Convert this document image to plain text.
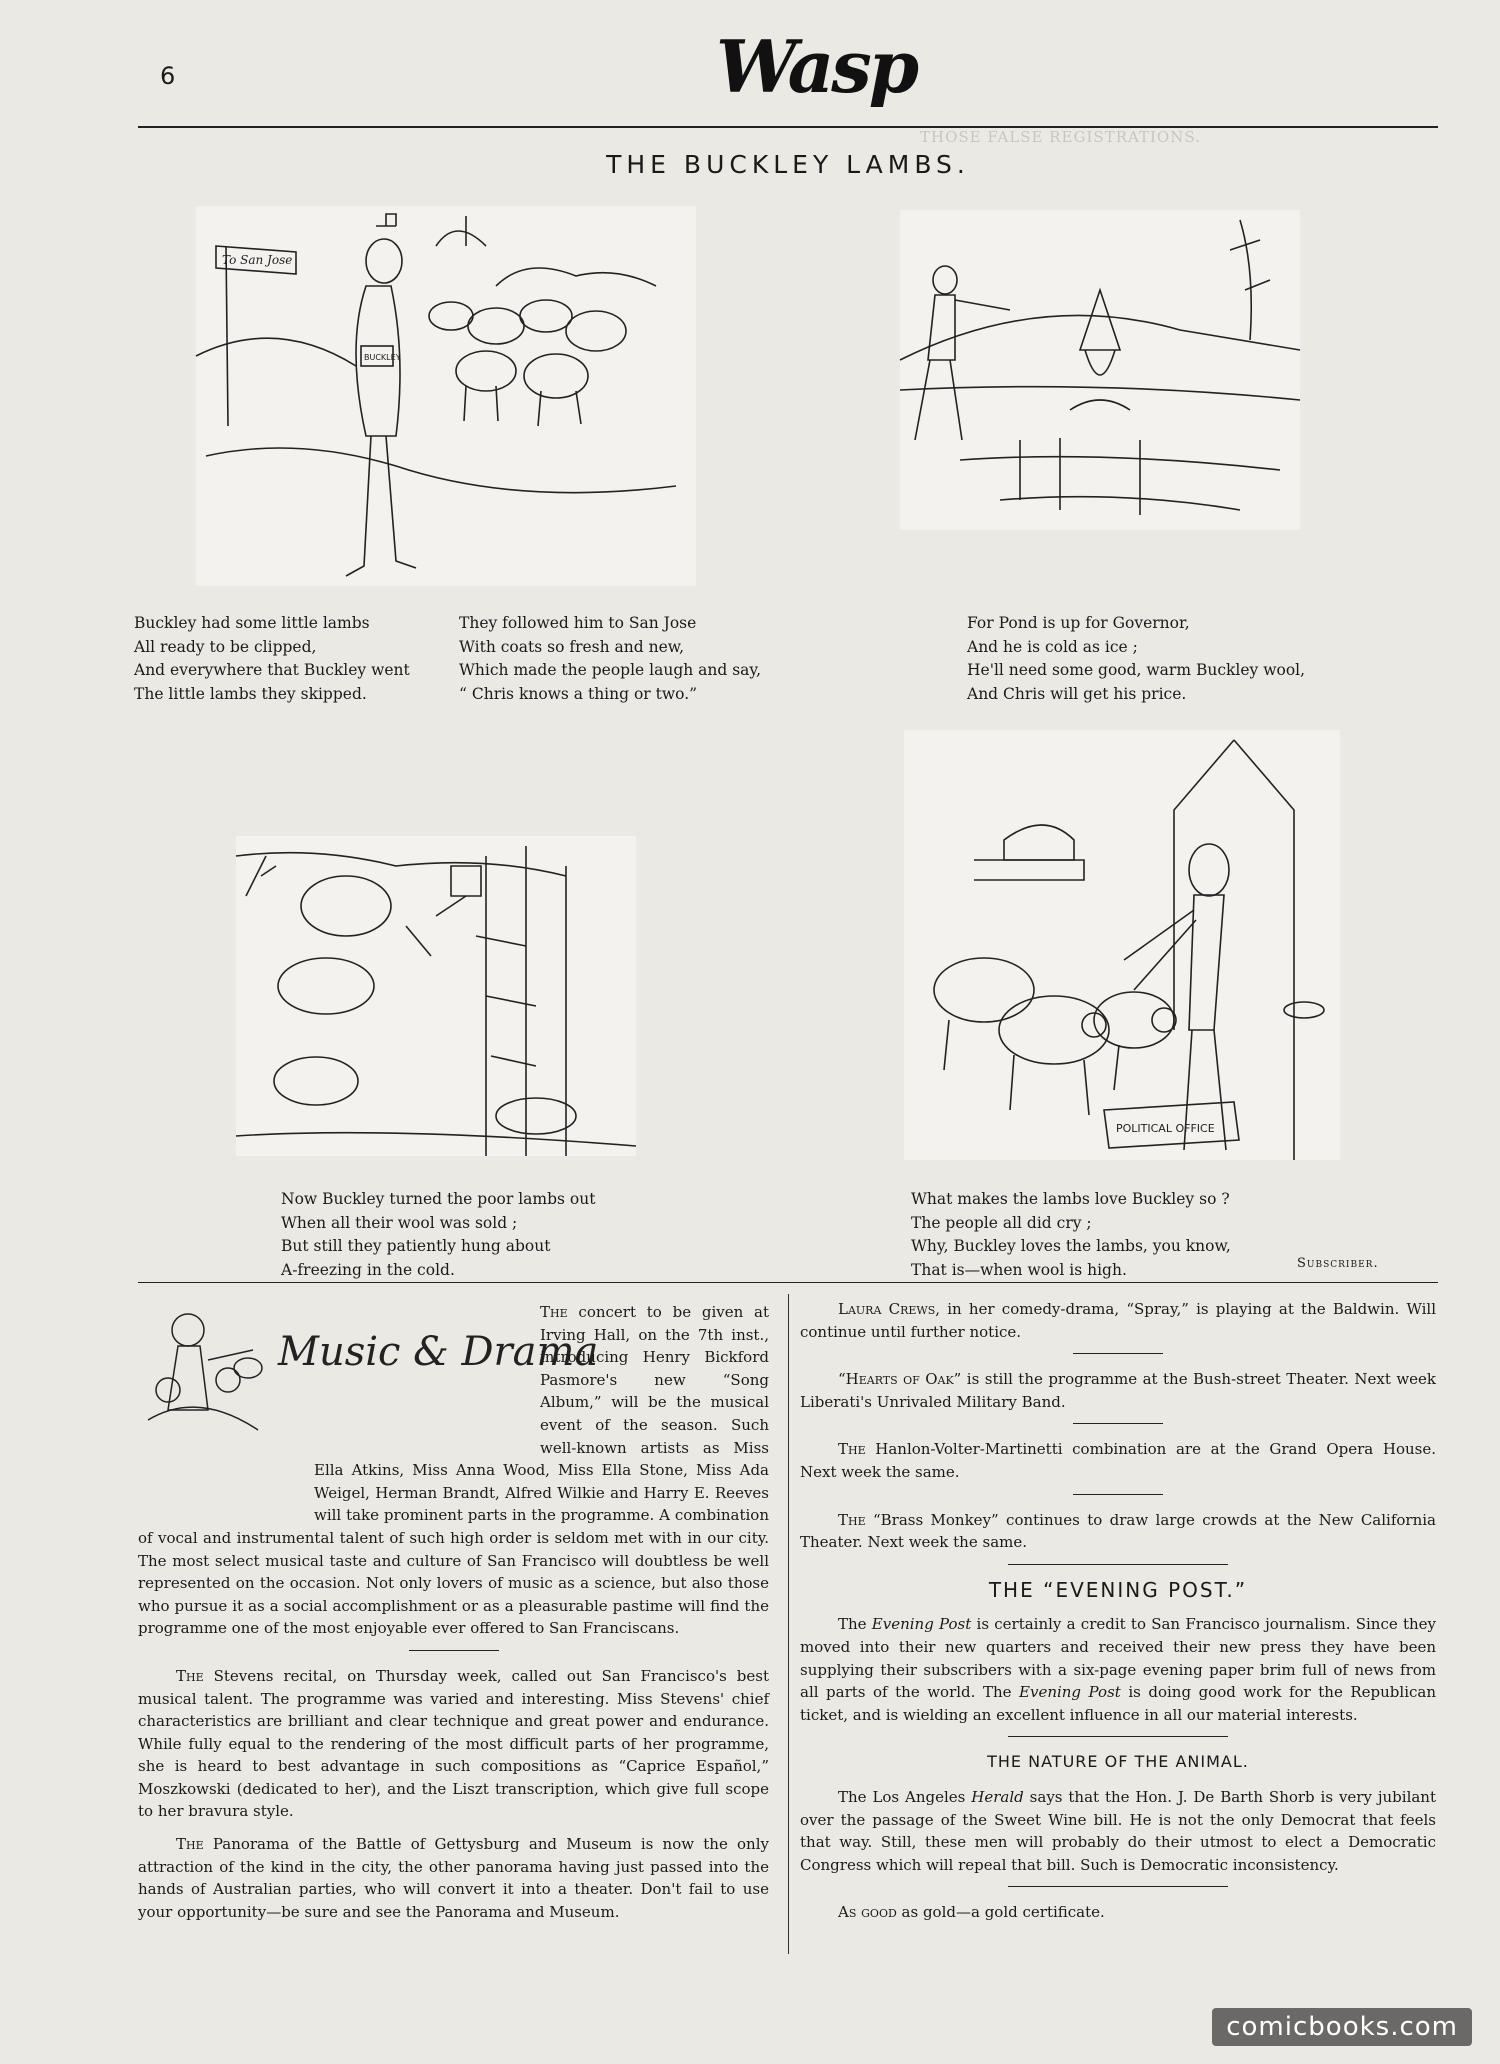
6	Wasp
THOSE FALSE REGISTRATIONS.
THE BUCKLEY LAMBS.
To San Jose
BUCKLEY
Buckley had some little lambs
All ready to be clipped,
And everywhere that Buckley went
The little lambs they skipped.
They followed him to San Jose
With coats so fresh and new,
Which made the people laugh and say,
“ Chris knows a thing or two.”
For Pond is up for Governor,
And he is cold as ice ;
He'll need some good, warm Buckley wool,
And Chris will get his price.
POLITICAL OFFICE
Now Buckley turned the poor lambs out
When all their wool was sold ;
But still they patiently hung about
A-freezing in the cold.
What makes the lambs love Buckley so ?
The people all did cry ;
Why, Buckley loves the lambs, you know,
That is—when wool is high.	Subscriber.
Music & Drama

The concert to be given at Irving Hall, on the 7th inst., introducing Henry Bickford Pasmore's new “Song Album,” will be the musical event of the season. Such well-known artists as Miss Ella Atkins, Miss Anna Wood, Miss Ella Stone, Miss Ada Weigel, Herman Brandt, Alfred Wilkie and Harry E. Reeves will take prominent parts in the programme. A combination of vocal and instrumental talent of such high order is seldom met with in our city. The most select musical taste and culture of San Francisco will doubtless be well represented on the occasion. Not only lovers of music as a science, but also those who pursue it as a social accomplishment or as a pleasurable pastime will find the programme one of the most enjoyable ever offered to San Franciscans.

The Stevens recital, on Thursday week, called out San Francisco's best musical talent. The programme was varied and interesting. Miss Stevens' chief characteristics are brilliant and clear technique and great power and endurance. While fully equal to the rendering of the most difficult parts of her programme, she is heard to best advantage in such compositions as “Caprice Español,” Moszkowski (dedicated to her), and the Liszt transcription, which give full scope to her bravura style.

The Panorama of the Battle of Gettysburg and Museum is now the only attraction of the kind in the city, the other panorama having just passed into the hands of Australian parties, who will convert it into a theater. Don't fail to use your opportunity—be sure and see the Panorama and Museum.

Laura Crews, in her comedy-drama, “Spray,” is playing at the Baldwin. Will continue until further notice.

“Hearts of Oak” is still the programme at the Bush-street Theater. Next week Liberati's Unrivaled Military Band.

The Hanlon-Volter-Martinetti combination are at the Grand Opera House. Next week the same.

The “Brass Monkey” continues to draw large crowds at the New California Theater. Next week the same.

THE “EVENING POST.”

The Evening Post is certainly a credit to San Francisco journalism. Since they moved into their new quarters and received their new press they have been supplying their subscribers with a six-page evening paper brim full of news from all parts of the world. The Evening Post is doing good work for the Republican ticket, and is wielding an excellent influence in all our material interests.

THE NATURE OF THE ANIMAL.

The Los Angeles Herald says that the Hon. J. De Barth Shorb is very jubilant over the passage of the Sweet Wine bill. He is not the only Democrat that feels that way. Still, these men will probably do their utmost to elect a Democratic Congress which will repeal that bill. Such is Democratic inconsistency.

As good as gold—a gold certificate.

comicbooks.com
